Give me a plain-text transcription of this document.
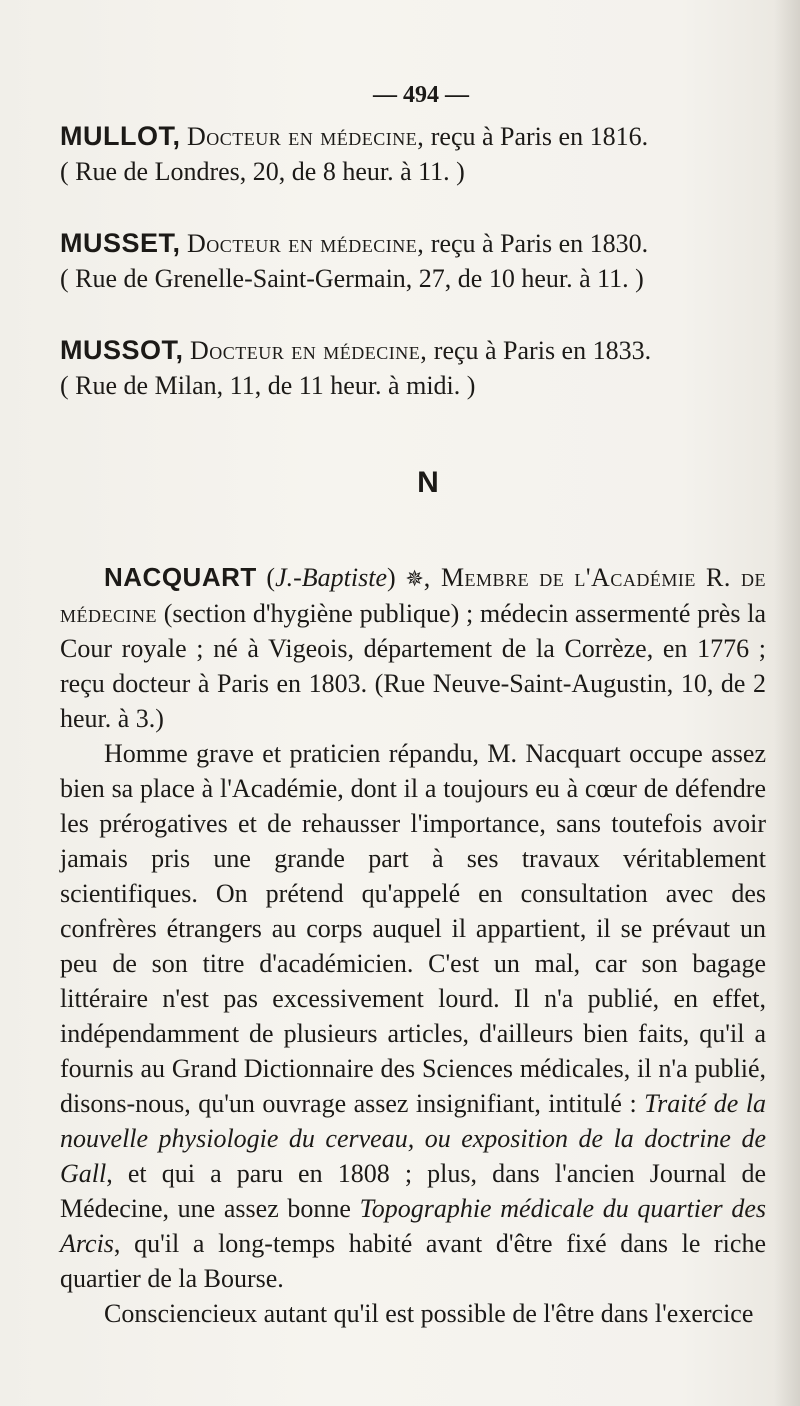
— 494 —

MULLOT, Docteur en médecine, reçu à Paris en 1816.

( Rue de Londres, 20, de 8 heur. à 11. )

MUSSET, Docteur en médecine, reçu à Paris en 1830.

( Rue de Grenelle-Saint-Germain, 27, de 10 heur. à 11. )

MUSSOT, Docteur en médecine, reçu à Paris en 1833.

( Rue de Milan, 11, de 11 heur. à midi. )

N

NACQUART (J.-Baptiste) ✵, Membre de l'Académie R. de médecine (section d'hygiène publique) ; médecin assermenté près la Cour royale ; né à Vigeois, département de la Corrèze, en 1776 ; reçu docteur à Paris en 1803. (Rue Neuve-Saint-Augustin, 10, de 2 heur. à 3.)

Homme grave et praticien répandu, M. Nacquart occupe assez bien sa place à l'Académie, dont il a toujours eu à cœur de défendre les prérogatives et de rehausser l'importance, sans toutefois avoir jamais pris une grande part à ses travaux véritablement scientifiques. On prétend qu'appelé en consultation avec des confrères étrangers au corps auquel il appartient, il se prévaut un peu de son titre d'académicien. C'est un mal, car son bagage littéraire n'est pas excessivement lourd. Il n'a publié, en effet, indépendamment de plusieurs articles, d'ailleurs bien faits, qu'il a fournis au Grand Dictionnaire des Sciences médicales, il n'a publié, disons-nous, qu'un ouvrage assez insignifiant, intitulé : Traité de la nouvelle physiologie du cerveau, ou exposition de la doctrine de Gall, et qui a paru en 1808 ; plus, dans l'ancien Journal de Médecine, une assez bonne Topographie médicale du quartier des Arcis, qu'il a long-temps habité avant d'être fixé dans le riche quartier de la Bourse.

Consciencieux autant qu'il est possible de l'être dans l'exercice
